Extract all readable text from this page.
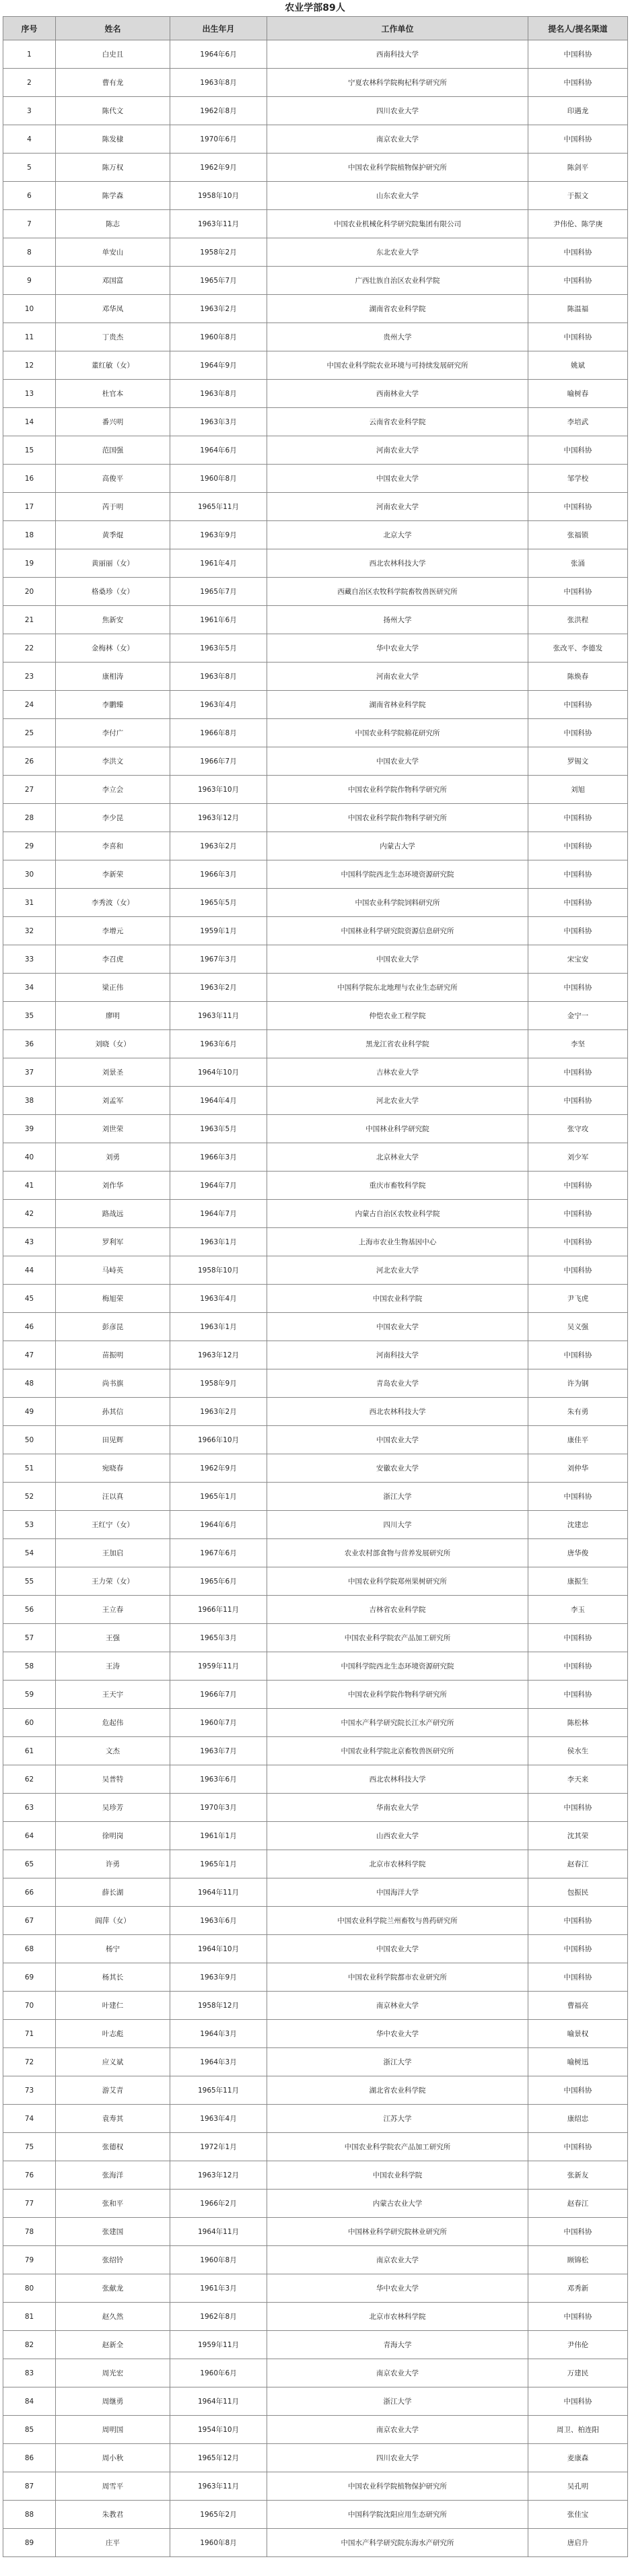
农业学部89人
序号	姓名	出生年月	工作单位	提名人/提名渠道
1	白史且	1964年6月	西南科技大学	中国科协
2	曹有龙	1963年8月	宁夏农林科学院枸杞科学研究所	中国科协
3	陈代文	1962年8月	四川农业大学	印遇龙
4	陈发棣	1970年6月	南京农业大学	中国科协
5	陈万权	1962年9月	中国农业科学院植物保护研究所	陈剑平
6	陈学森	1958年10月	山东农业大学	于振文
7	陈志	1963年11月	中国农业机械化科学研究院集团有限公司	尹伟伦、陈学庚
8	单安山	1958年2月	东北农业大学	中国科协
9	邓国富	1965年7月	广西壮族自治区农业科学院	中国科协
10	邓华凤	1963年2月	湖南省农业科学院	陈温福
11	丁贵杰	1960年8月	贵州大学	中国科协
12	董红敏（女）	1964年9月	中国农业科学院农业环境与可持续发展研究所	姚斌
13	杜官本	1963年8月	西南林业大学	喻树春
14	番兴明	1963年3月	云南省农业科学院	李培武
15	范国强	1964年6月	河南农业大学	中国科协
16	高俊平	1960年8月	中国农业大学	邹学校
17	芮于明	1965年11月	河南农业大学	中国科协
18	黄季焜	1963年9月	北京大学	张福锁
19	黄丽丽（女）	1961年4月	西北农林科技大学	张涌
20	格桑珍（女）	1965年7月	西藏自治区农牧科学院畜牧兽医研究所	中国科协
21	焦新安	1961年6月	扬州大学	张洪程
22	金梅林（女）	1963年5月	华中农业大学	张改平、李德发
23	康相涛	1963年8月	河南农业大学	陈焕春
24	李鹏臻	1963年4月	湖南省林业科学院	中国科协
25	李付广	1966年8月	中国农业科学院棉花研究所	中国科协
26	李洪文	1966年7月	中国农业大学	罗锡文
27	李立会	1963年10月	中国农业科学院作物科学研究所	刘旭
28	李少昆	1963年12月	中国农业科学院作物科学研究所	中国科协
29	李喜和	1963年2月	内蒙古大学	中国科协
30	李新荣	1966年3月	中国科学院西北生态环境资源研究院	中国科协
31	李秀波（女）	1965年5月	中国农业科学院饲料研究所	中国科协
32	李增元	1959年1月	中国林业科学研究院资源信息研究所	中国科协
33	李召虎	1967年3月	中国农业大学	宋宝安
34	梁正伟	1963年2月	中国科学院东北地理与农业生态研究所	中国科协
35	廖明	1963年11月	仲恺农业工程学院	金宁一
36	刘晓（女）	1963年6月	黑龙江省农业科学院	李坚
37	刘景圣	1964年10月	吉林农业大学	中国科协
38	刘孟军	1964年4月	河北农业大学	中国科协
39	刘世荣	1963年5月	中国林业科学研究院	张守攻
40	刘勇	1966年3月	北京林业大学	刘少军
41	刘作华	1964年7月	重庆市畜牧科学院	中国科协
42	路战远	1964年7月	内蒙古自治区农牧业科学院	中国科协
43	罗利军	1963年1月	上海市农业生物基因中心	中国科协
44	马峙英	1958年10月	河北农业大学	中国科协
45	梅旭荣	1963年4月	中国农业科学院	尹飞虎
46	彭彦昆	1963年1月	中国农业大学	吴义强
47	苗振明	1963年12月	河南科技大学	中国科协
48	尚书旗	1958年9月	青岛农业大学	许为钢
49	孙其信	1963年2月	西北农林科技大学	朱有勇
50	田见辉	1966年10月	中国农业大学	康佳平
51	宛晓春	1962年9月	安徽农业大学	刘仲华
52	汪以真	1965年1月	浙江大学	中国科协
53	王红宁（女）	1964年6月	四川大学	沈建忠
54	王加启	1967年6月	农业农村部食物与营养发展研究所	唐华俊
55	王力荣（女）	1965年6月	中国农业科学院郑州果树研究所	康振生
56	王立春	1966年11月	吉林省农业科学院	李玉
57	王强	1965年3月	中国农业科学院农产品加工研究所	中国科协
58	王涛	1959年11月	中国科学院西北生态环境资源研究院	中国科协
59	王天宇	1966年7月	中国农业科学院作物科学研究所	中国科协
60	危起伟	1960年7月	中国水产科学研究院长江水产研究所	陈松林
61	文杰	1963年7月	中国农业科学院北京畜牧兽医研究所	侯水生
62	吴普特	1963年6月	西北农林科技大学	李天来
63	吴珍芳	1970年3月	华南农业大学	中国科协
64	徐明岗	1961年1月	山西农业大学	沈其荣
65	许勇	1965年1月	北京市农林科学院	赵春江
66	薛长湖	1964年11月	中国海洋大学	包振民
67	阎萍（女）	1963年6月	中国农业科学院兰州畜牧与兽药研究所	中国科协
68	杨宁	1964年10月	中国农业大学	中国科协
69	杨其长	1963年9月	中国农业科学院都市农业研究所	中国科协
70	叶建仁	1958年12月	南京林业大学	曹福亮
71	叶志彪	1964年3月	华中农业大学	喻景权
72	应义斌	1964年3月	浙江大学	喻树迅
73	游艾青	1965年11月	湖北省农业科学院	中国科协
74	袁寿其	1963年4月	江苏大学	康绍忠
75	张德权	1972年1月	中国农业科学院农产品加工研究所	中国科协
76	张海洋	1963年12月	中国农业科学院	张新友
77	张和平	1966年2月	内蒙古农业大学	赵春江
78	张建国	1964年11月	中国林业科学研究院林业研究所	中国科协
79	张绍铃	1960年8月	南京农业大学	顾锦松
80	张献龙	1961年3月	华中农业大学	邓秀新
81	赵久然	1962年8月	北京市农林科学院	中国科协
82	赵新全	1959年11月	青海大学	尹伟伦
83	周光宏	1960年6月	南京农业大学	万建民
84	周继勇	1964年11月	浙江大学	中国科协
85	周明国	1954年10月	南京农业大学	周卫、柏连阳
86	周小秋	1965年12月	四川农业大学	麦康森
87	周雪平	1963年11月	中国农业科学院植物保护研究所	吴孔明
88	朱教君	1965年2月	中国科学院沈阳应用生态研究所	张佳宝
89	庄平	1960年8月	中国水产科学研究院东海水产研究所	唐启升
